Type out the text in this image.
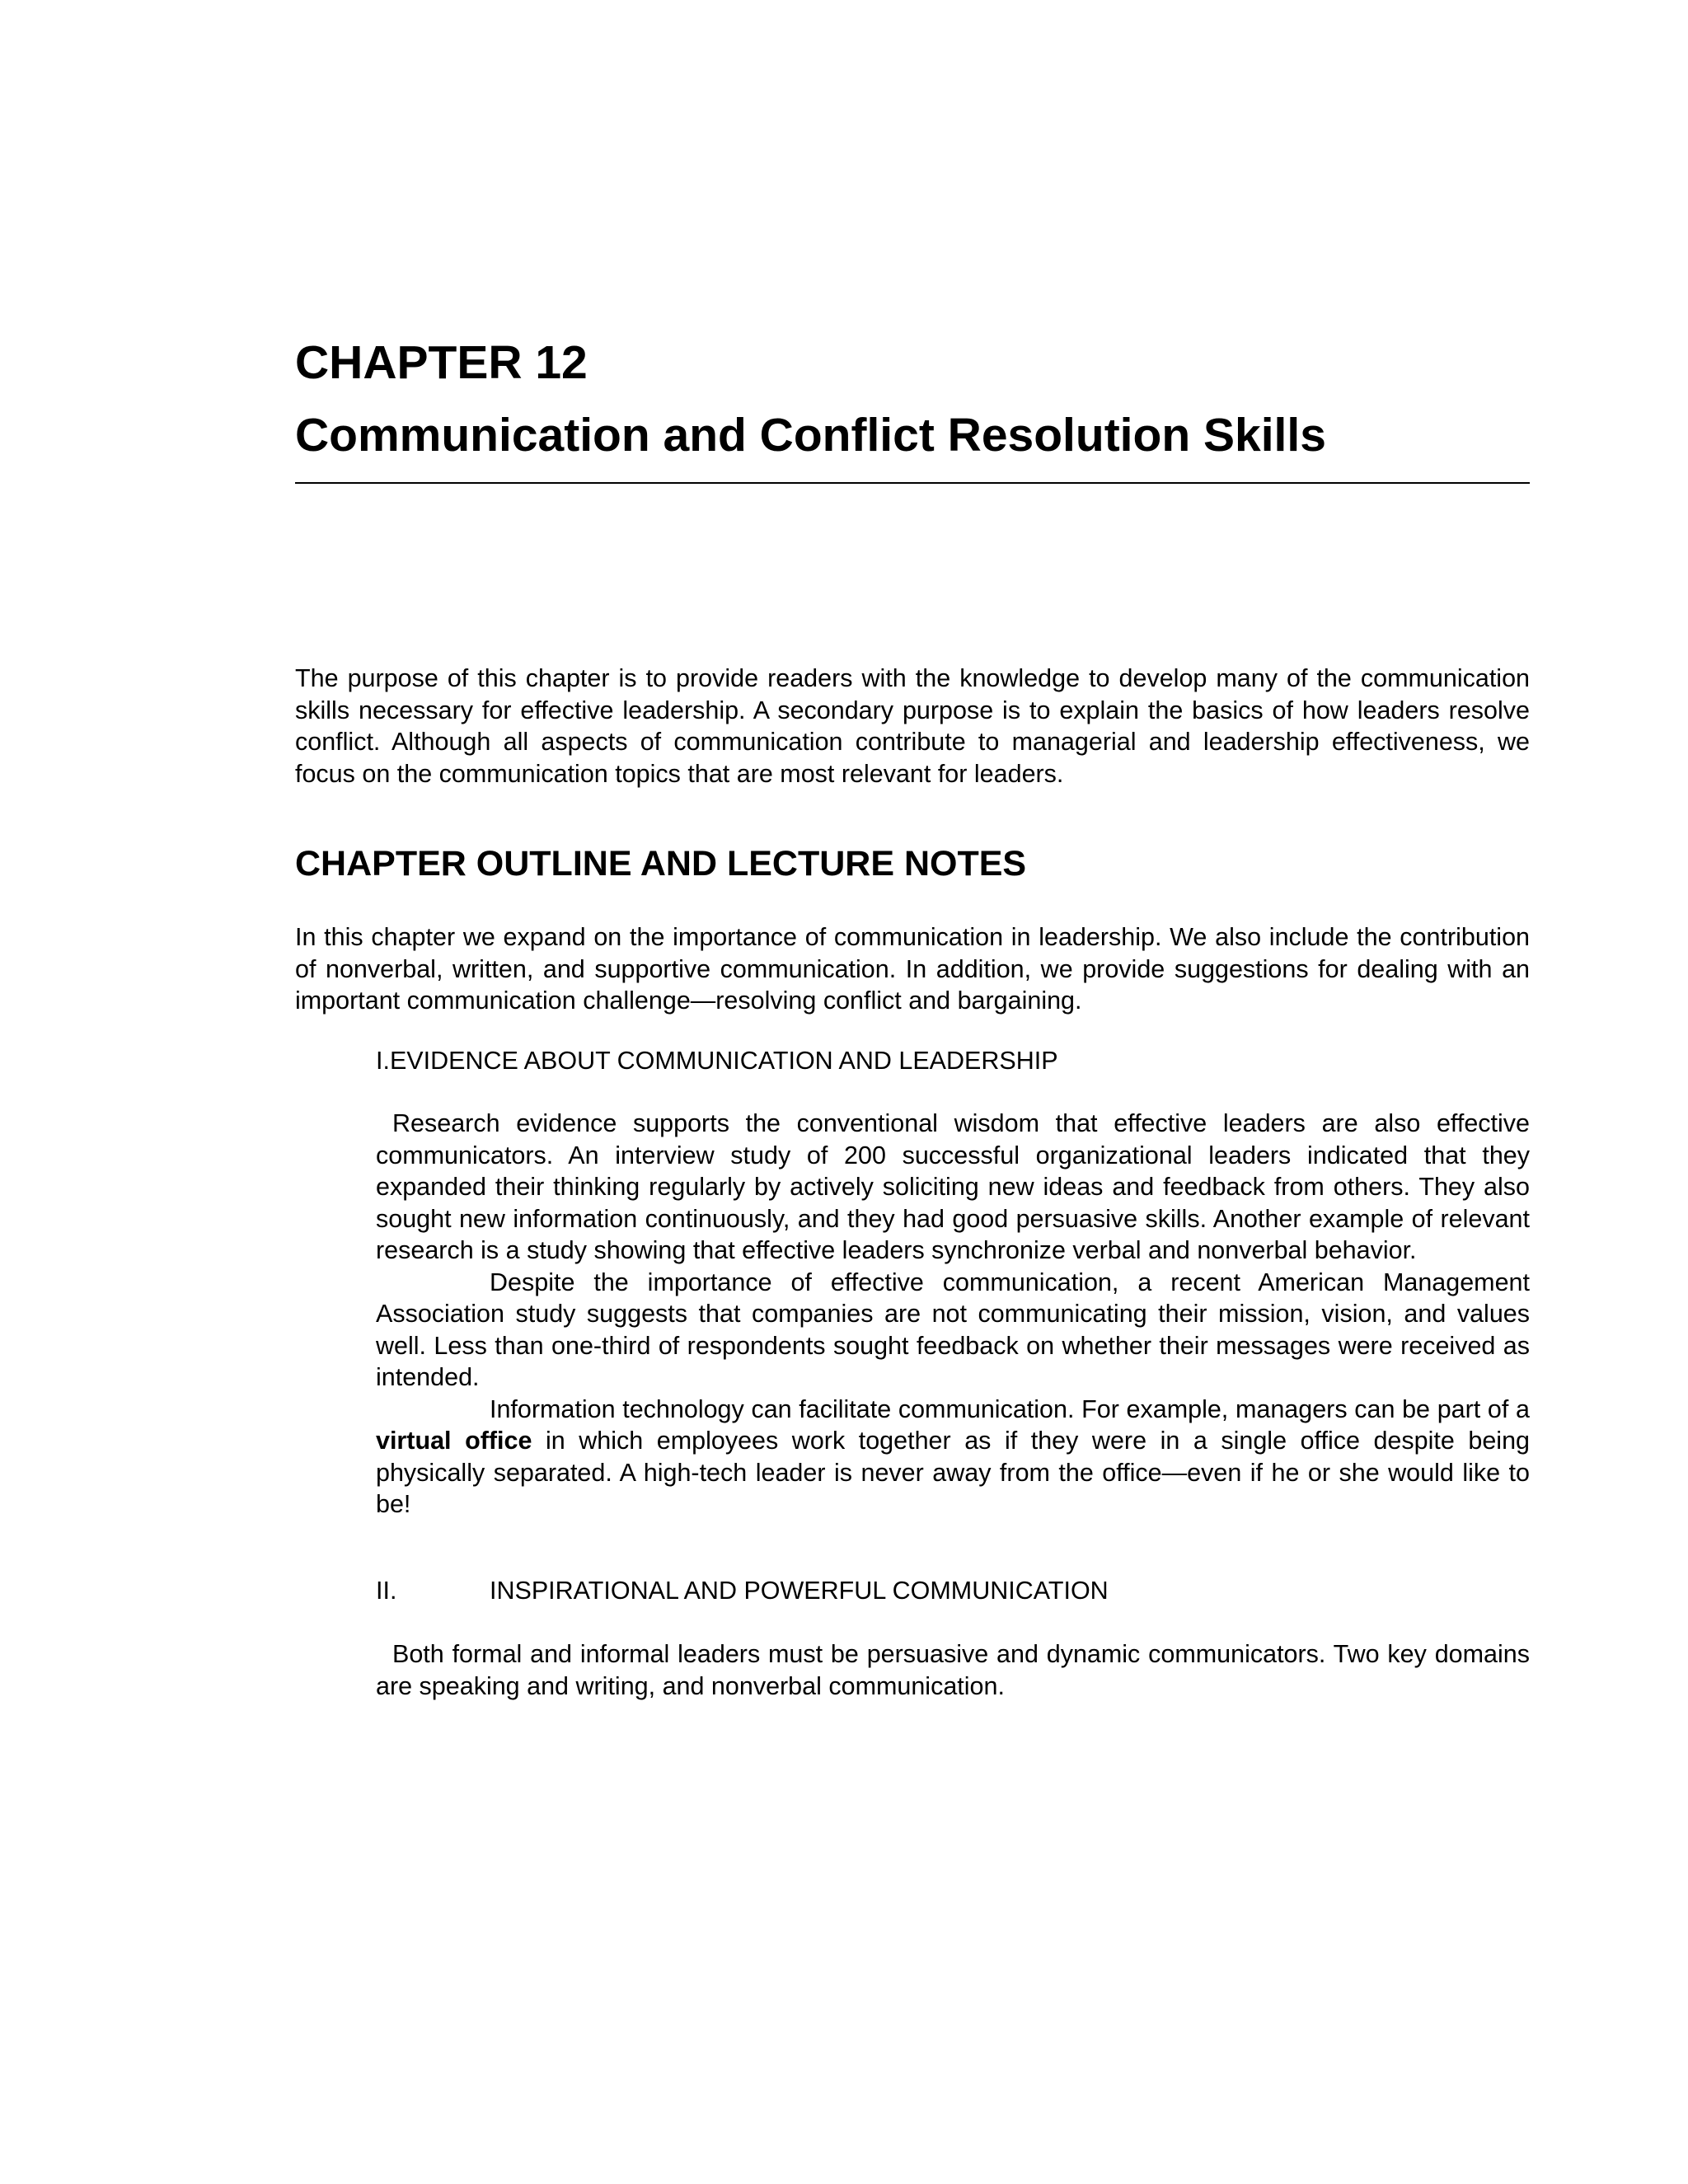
CHAPTER 12
Communication and Conflict Resolution Skills
The purpose of this chapter is to provide readers with the knowledge to develop many of the communication skills necessary for effective leadership. A secondary purpose is to explain the basics of how leaders resolve conflict. Although all aspects of communication contribute to managerial and leadership effectiveness, we focus on the communication topics that are most relevant for leaders.
CHAPTER OUTLINE AND LECTURE NOTES
In this chapter we expand on the importance of communication in leadership. We also include the contribution of nonverbal, written, and supportive communication. In addition, we provide suggestions for dealing with an important communication challenge—resolving conflict and bargaining.
I.EVIDENCE ABOUT COMMUNICATION AND LEADERSHIP

Research evidence supports the conventional wisdom that effective leaders are also effective communicators. An interview study of 200 successful organizational leaders indicated that they expanded their thinking regularly by actively soliciting new ideas and feedback from others. They also sought new information continuously, and they had good persuasive skills. Another example of relevant research is a study showing that effective leaders synchronize verbal and nonverbal behavior.

Despite the importance of effective communication, a recent American Management Association study suggests that companies are not communicating their mission, vision, and values well. Less than one-third of respondents sought feedback on whether their messages were received as intended.

Information technology can facilitate communication. For example, managers can be part of a virtual office in which employees work together as if they were in a single office despite being physically separated. A high-tech leader is never away from the office—even if he or she would like to be!

II.	INSPIRATIONAL AND POWERFUL COMMUNICATION

Both formal and informal leaders must be persuasive and dynamic communicators. Two key domains are speaking and writing, and nonverbal communication.
